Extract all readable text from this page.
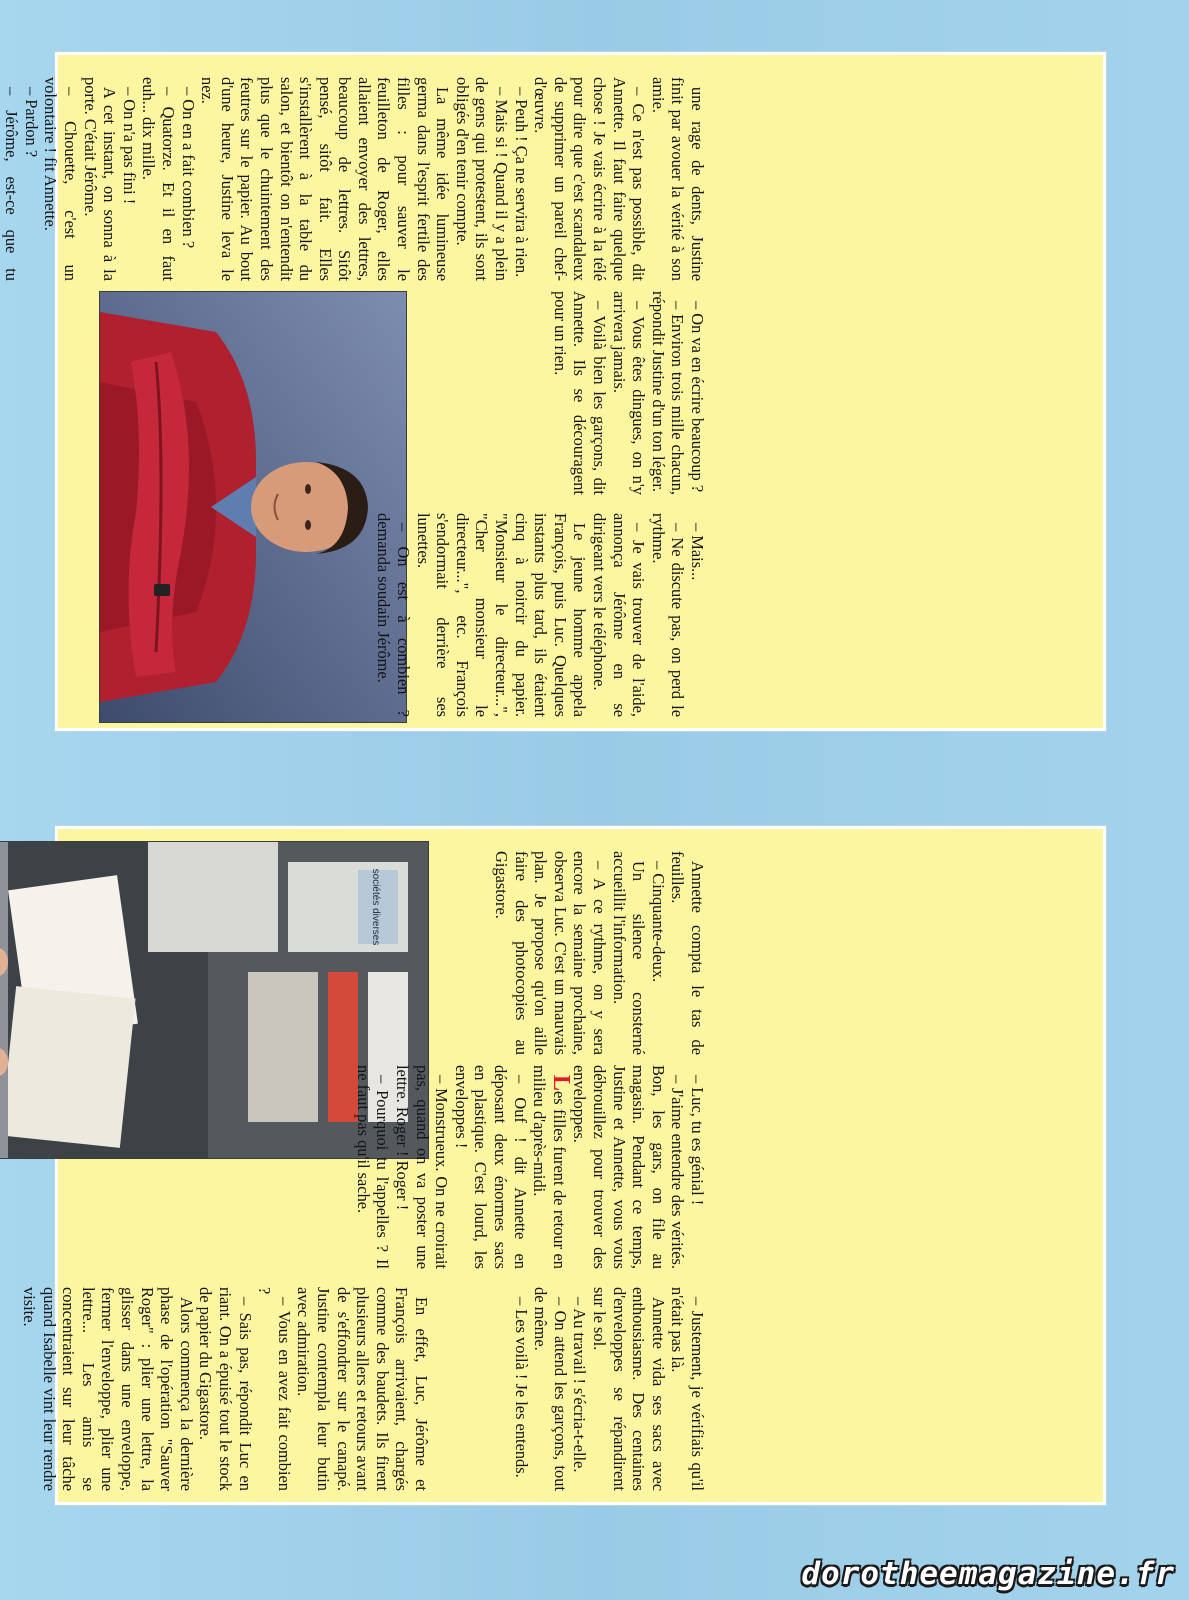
une rage de dents, Justine finit par avouer la vérité à son amie.

– Ce n'est pas possible, dit Annette. Il faut faire quelque chose ! Je vais écrire à la télé pour dire que c'est scandaleux de supprimer un pareil chef-d'œuvre.

– Peuh ! Ça ne servira à rien.

– Mais si ! Quand il y a plein de gens qui protestent, ils sont obligés d'en tenir compte.

La même idée lumineuse germa dans l'esprit fertile des filles : pour sauver le feuilleton de Roger, elles allaient envoyer des lettres, beaucoup de lettres. Sitôt pensé, sitôt fait. Elles s'installèrent à la table du salon, et bientôt on n'entendit plus que le chuintement des feutres sur le papier. Au bout d'une heure, Justine leva le nez.

– On en a fait combien ?

– Quatorze. Et il en faut euh... dix mille.

– On n'a pas fini !

A cet instant, on sonna à la porte. C'était Jérôme.

– Chouette, c'est un volontaire ! fit Annette.

– Pardon ?

– Jérôme, est-ce que tu

– On va en écrire beaucoup ?

– Environ trois mille chacun, répondit Justine d'un ton léger.

– Vous êtes dingues, on n'y arrivera jamais.

– Voilà bien les garçons, dit Annette. Ils se découragent pour un rien.

– Mais...

– Ne discute pas, on perd le rythme.

– Je vais trouver de l'aide, annonça Jérôme en se dirigeant vers le téléphone.

Le jeune homme appela François, puis Luc. Quelques instants plus tard, ils étaient cinq à noircir du papier. "Monsieur le directeur...", "Cher monsieur le directeur...", etc. François s'endormait derrière ses lunettes.

– On est à combien ? demanda soudain Jérôme.

Annette compta le tas de feuilles.

– Cinquante-deux.

Un silence consterné accueillit l'information.

– A ce rythme, on y sera encore la semaine prochaine, observa Luc. C'est un mauvais plan. Je propose qu'on aille faire des photocopies au Gigastore.

sociétés diverses

– Luc, tu es génial !

– J'aime entendre des vérités. Bon, les gars, on file au magasin. Pendant ce temps, Justine et Annette, vous vous débrouillez pour trouver des enveloppes.

Les filles furent de retour en milieu d'après-midi.

– Ouf ! dit Annette en déposant deux énormes sacs en plastique. C'est lourd, les enveloppes !

– Monstrueux. On ne croirait pas, quand on va poster une lettre. Roger ! Roger !

– Pourquoi tu l'appelles ? Il ne faut pas qu'il sache.

– Justement, je vérifiais qu'il n'était pas là.

Annette vida ses sacs avec enthousiasme. Des centaines d'enveloppes se répandirent sur le sol.

– Au travail ! s'écria-t-elle.

– On attend les garçons, tout de même.

– Les voilà ! Je les entends.

En effet, Luc, Jérôme et François arrivaient, chargés comme des baudets. Ils firent plusieurs allers et retours avant de s'effondrer sur le canapé. Justine contempla leur butin avec admiration.

– Vous en avez fait combien ?

– Sais pas, répondit Luc en riant. On a épuisé tout le stock de papier du Gigastore.

Alors commença la dernière phase de l'opération "Sauver Roger" : plier une lettre, la glisser dans une enveloppe, fermer l'enveloppe, plier une lettre... Les amis se concentraient sur leur tâche quand Isabelle vint leur rendre visite.

dorotheemagazine.fr
